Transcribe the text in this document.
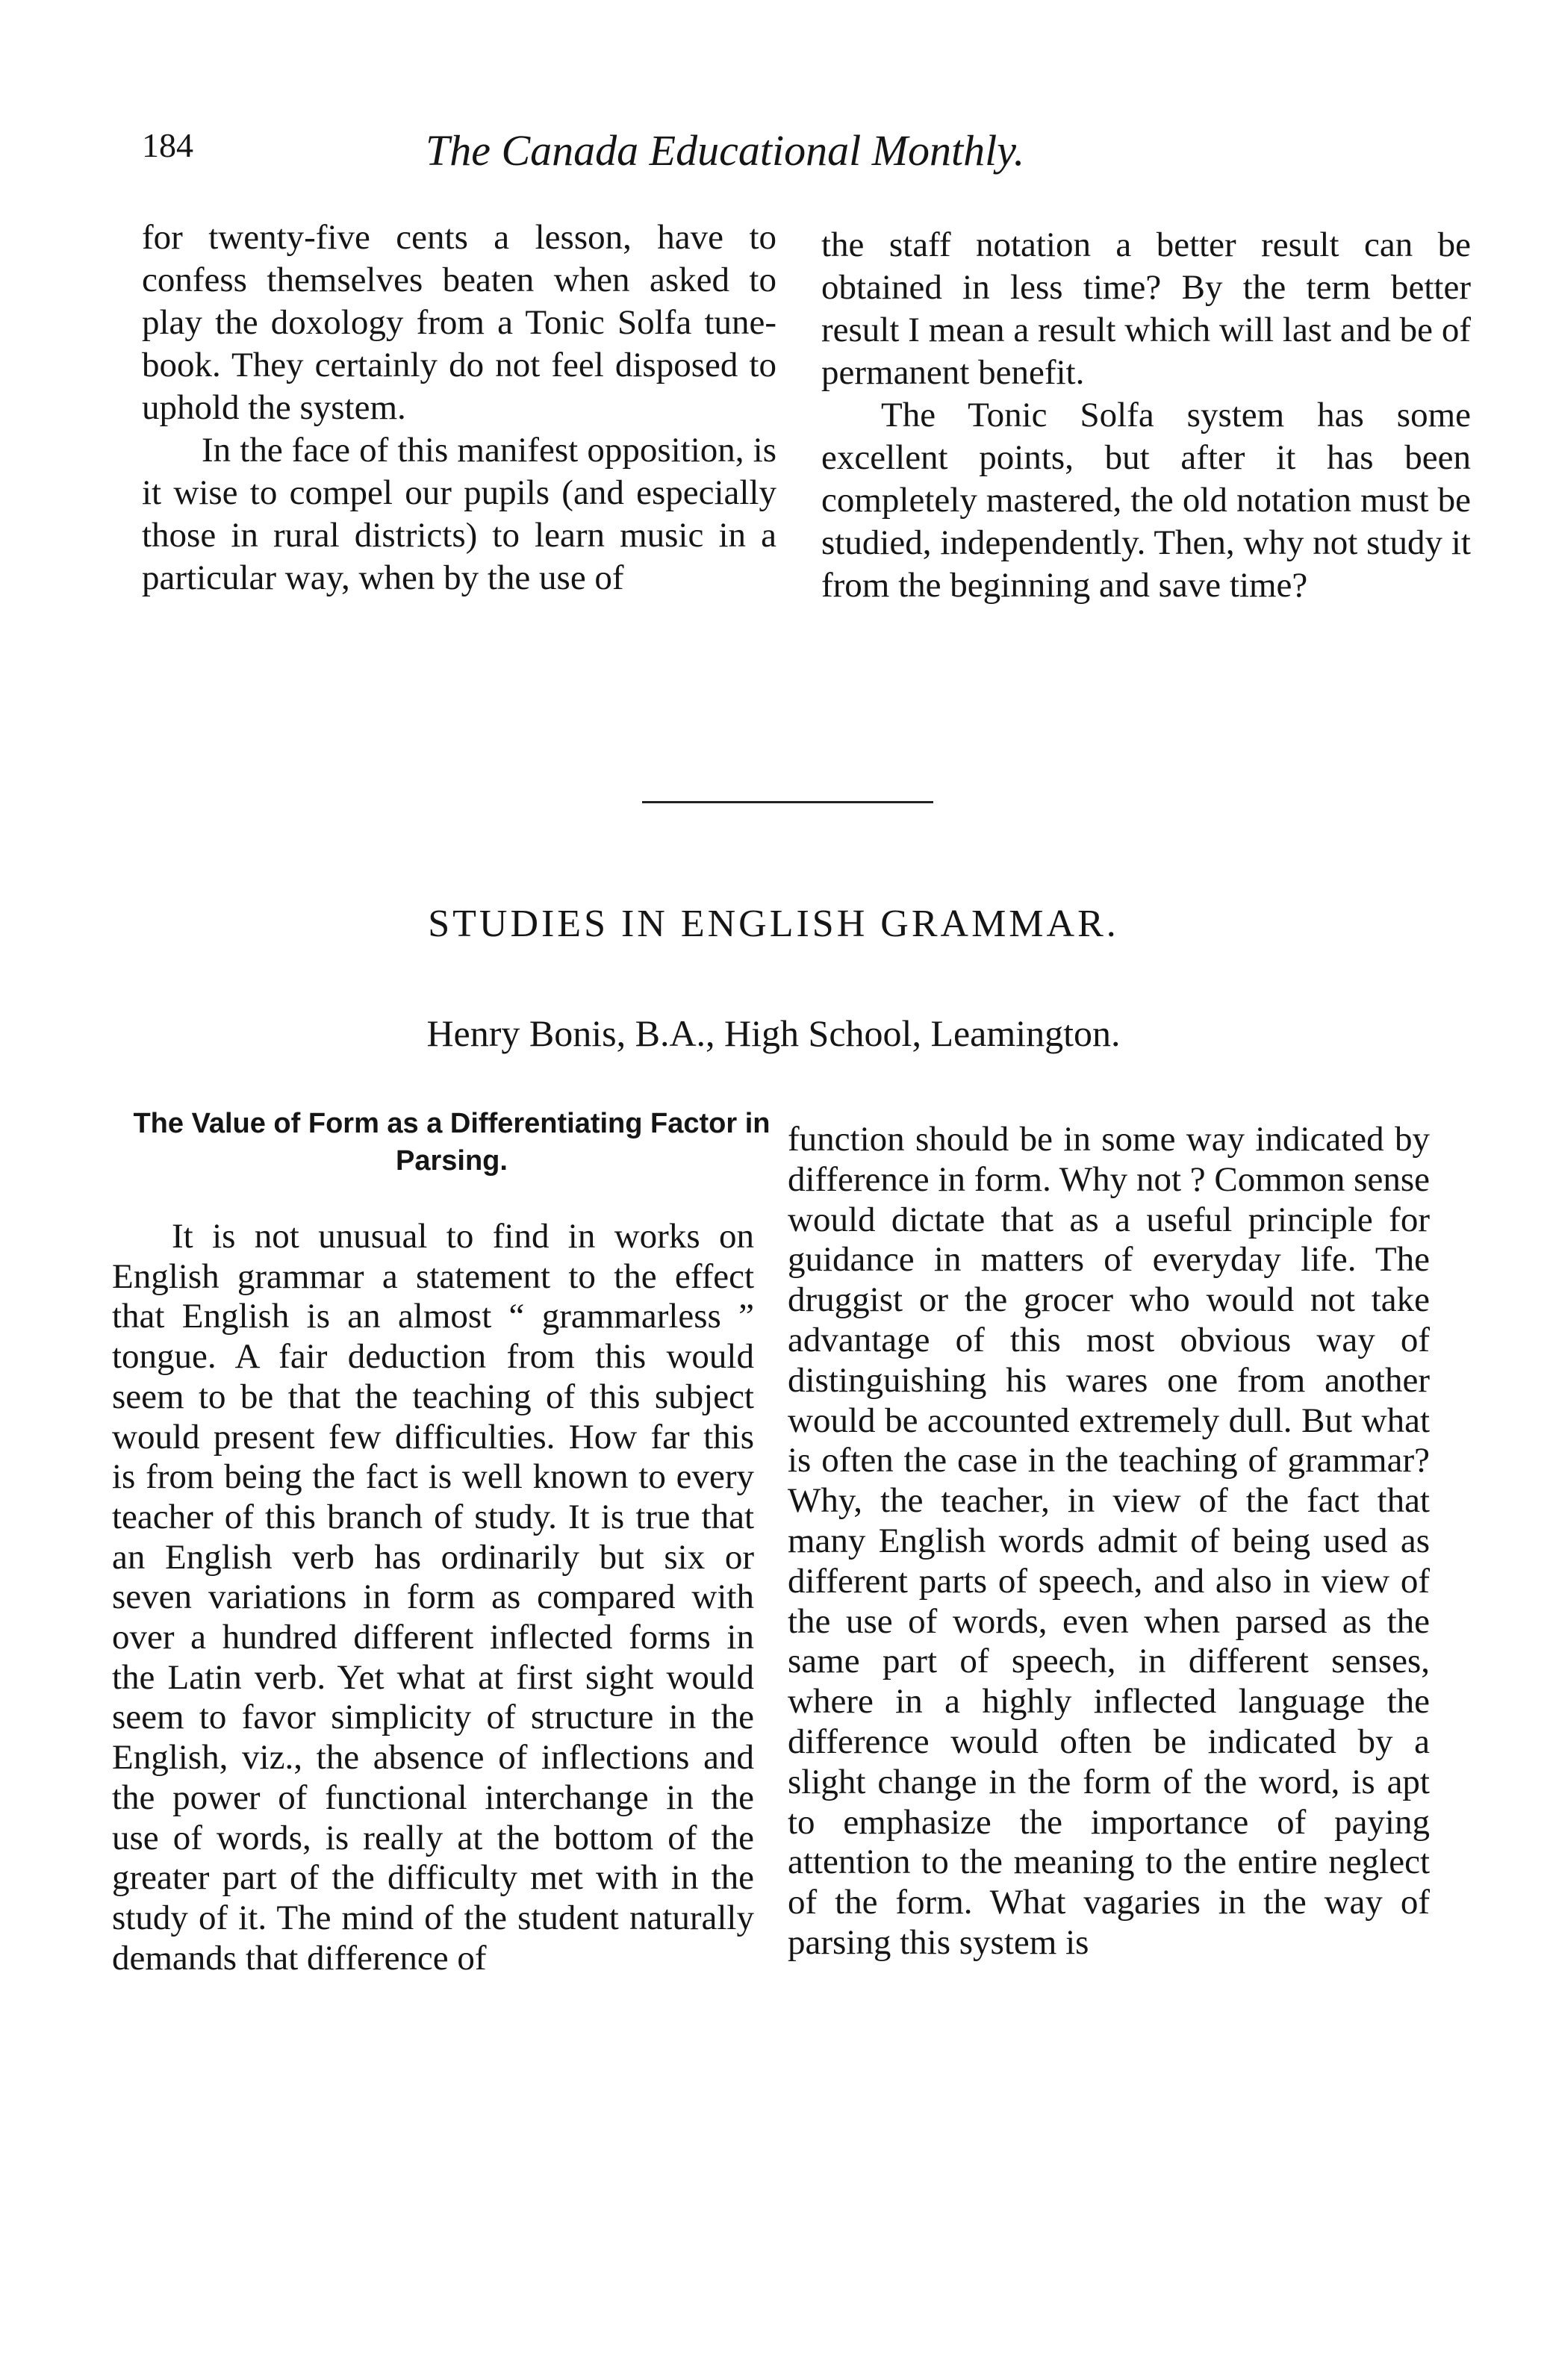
184	The Canada Educational Monthly.

for twenty-five cents a lesson, have to confess themselves beaten when asked to play the doxology from a Tonic Solfa tune-book. They certainly do not feel disposed to uphold the system.

In the face of this manifest opposition, is it wise to compel our pupils (and especially those in rural districts) to learn music in a particular way, when by the use of

the staff notation a better result can be obtained in less time? By the term better result I mean a result which will last and be of permanent benefit.

The Tonic Solfa system has some excellent points, but after it has been completely mastered, the old notation must be studied, independently. Then, why not study it from the beginning and save time?

STUDIES IN ENGLISH GRAMMAR.
Henry Bonis, B.A., High School, Leamington.
The Value of Form as a Differentiating Factor in Parsing.

It is not unusual to find in works on English grammar a statement to the effect that English is an almost “ grammarless ” tongue. A fair deduction from this would seem to be that the teaching of this subject would present few difficulties. How far this is from being the fact is well known to every teacher of this branch of study. It is true that an English verb has ordinarily but six or seven variations in form as compared with over a hundred different inflected forms in the Latin verb. Yet what at first sight would seem to favor simplicity of structure in the English, viz., the absence of inflections and the power of functional interchange in the use of words, is really at the bottom of the greater part of the difficulty met with in the study of it. The mind of the student naturally demands that difference of

function should be in some way indicated by difference in form. Why not ? Common sense would dictate that as a useful principle for guidance in matters of everyday life. The druggist or the grocer who would not take advantage of this most obvious way of distinguishing his wares one from another would be accounted extremely dull. But what is often the case in the teaching of grammar? Why, the teacher, in view of the fact that many English words admit of being used as different parts of speech, and also in view of the use of words, even when parsed as the same part of speech, in different senses, where in a highly inflected language the difference would often be indicated by a slight change in the form of the word, is apt to emphasize the importance of paying attention to the meaning to the entire neglect of the form. What vagaries in the way of parsing this system is
